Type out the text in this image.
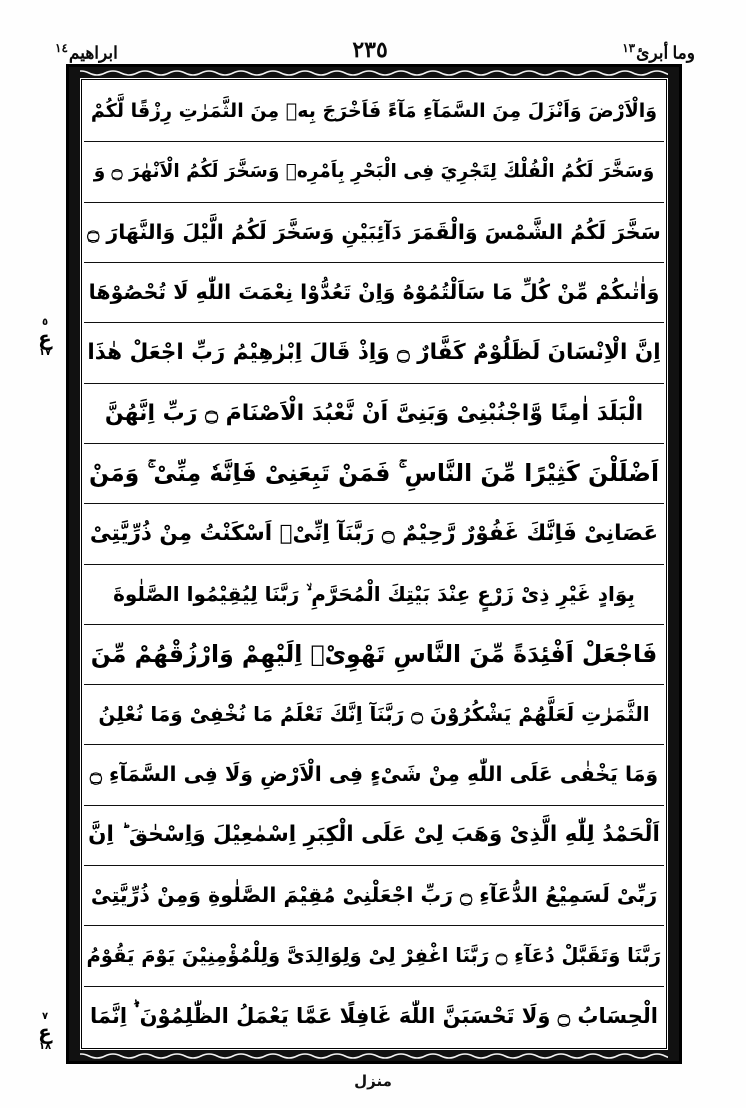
ابراهيم$^{١٤}$	٢٣٥	وما أبرئ$^{١٣}$
وَالْاَرْضَ وَاَنْزَلَ مِنَ السَّمَآءِ مَآءً فَاَخْرَجَ بِهٖ مِنَ الثَّمَرٰتِ رِزْقًا لَّكُمْ
وَسَخَّرَ لَكُمُ الْفُلْكَ لِتَجْرِيَ فِى الْبَحْرِ بِاَمْرِهٖ وَسَخَّرَ لَكُمُ الْاَنْهٰرَ ۝ وَ
سَخَّرَ لَكُمُ الشَّمْسَ وَالْقَمَرَ دَآئِبَيْنِ وَسَخَّرَ لَكُمُ الَّيْلَ وَالنَّهَارَ ۝
وَاٰتٰىكُمْ مِّنْ كُلِّ مَا سَاَلْتُمُوْهُ وَاِنْ تَعُدُّوْا نِعْمَتَ اللّٰهِ لَا تُحْصُوْهَا
اِنَّ الْاِنْسَانَ لَظَلُوْمٌ كَفَّارٌ ۝ وَاِذْ قَالَ اِبْرٰهِيْمُ رَبِّ اجْعَلْ هٰذَا
الْبَلَدَ اٰمِنًا وَّاجْنُبْنِىْ وَبَنِىَّ اَنْ نَّعْبُدَ الْاَصْنَامَ ۝ رَبِّ اِنَّهُنَّ
اَضْلَلْنَ كَثِيْرًا مِّنَ النَّاسِ ۚ فَمَنْ تَبِعَنِىْ فَاِنَّهٗ مِنِّىْ ۚ وَمَنْ
عَصَانِىْ فَاِنَّكَ غَفُوْرٌ رَّحِيْمٌ ۝ رَبَّنَآ اِنِّىْۤ اَسْكَنْتُ مِنْ ذُرِّيَّتِىْ
بِوَادٍ غَيْرِ ذِىْ زَرْعٍ عِنْدَ بَيْتِكَ الْمُحَرَّمِ ۙ رَبَّنَا لِيُقِيْمُوا الصَّلٰوةَ
فَاجْعَلْ اَفْئِدَةً مِّنَ النَّاسِ تَهْوِىْۤ اِلَيْهِمْ وَارْزُقْهُمْ مِّنَ
الثَّمَرٰتِ لَعَلَّهُمْ يَشْكُرُوْنَ ۝ رَبَّنَآ اِنَّكَ تَعْلَمُ مَا نُخْفِىْ وَمَا نُعْلِنُ
وَمَا يَخْفٰى عَلَى اللّٰهِ مِنْ شَىْءٍ فِى الْاَرْضِ وَلَا فِى السَّمَآءِ ۝
اَلْحَمْدُ لِلّٰهِ الَّذِىْ وَهَبَ لِىْ عَلَى الْكِبَرِ اِسْمٰعِيْلَ وَاِسْحٰقَ ؕ اِنَّ
رَبِّىْ لَسَمِيْعُ الدُّعَآءِ ۝ رَبِّ اجْعَلْنِىْ مُقِيْمَ الصَّلٰوةِ وَمِنْ ذُرِّيَّتِىْ
رَبَّنَا وَتَقَبَّلْ دُعَآءِ ۝ رَبَّنَا اغْفِرْ لِىْ وَلِوَالِدَىَّ وَلِلْمُؤْمِنِيْنَ يَوْمَ يَقُوْمُ
الْحِسَابُ ۝ وَلَا تَحْسَبَنَّ اللّٰهَ غَافِلًا عَمَّا يَعْمَلُ الظّٰلِمُوْنَ ۬ؕ اِنَّمَا
٥
ع
١٧
٧
ع
١٨
منزل
